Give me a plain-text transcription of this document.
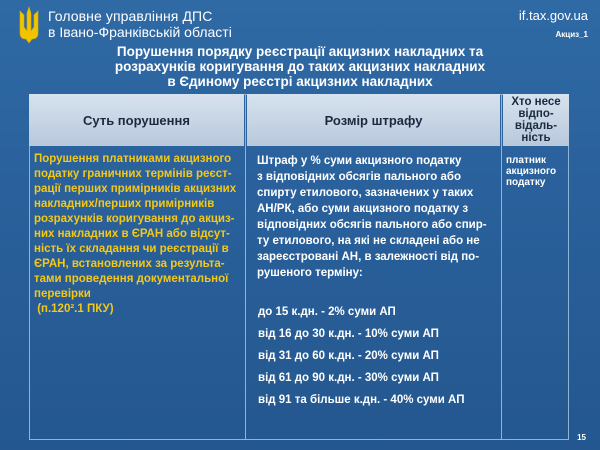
Головне управління ДПС
в Івано-Франківській області
if.tax.gov.ua
Акциз_1
Порушення порядку реєстрації акцизних накладних та
розрахунків коригування до таких акцизних накладних
в Єдиному реєстрі акцизних накладних
Суть порушення	Розмір штрафу
Хто несе
відпо-
відаль-
ність
Порушення платниками акцизного
податку граничних термінів реєст-
рації перших примірників акцизних
накладних/перших примірників
розрахунків коригування до акциз-
них накладних в ЄРАН або відсут-
ність їх складання чи реєстрації в
ЄРАН, встановлених за результа-
тами проведення документальної
перевірки
(п.120².1 ПКУ)
Штраф у % суми акцизного податку
з відповідних обсягів пального або
спирту етилового, зазначених у таких
АН/РК, або суми акцизного податку з
відповідних обсягів пального або спир-
ту етилового, на які не складені або не
зареєстровані АН, в залежності від по-
рушеного терміну:
до 15 к.дн. - 2% суми АП
від 16 до 30 к.дн. - 10% суми АП
від 31 до 60 к.дн. - 20% суми АП
від 61 до 90 к.дн. - 30% суми АП
від 91 та більше к.дн. - 40% суми АП
платник
акцизного
податку
15
